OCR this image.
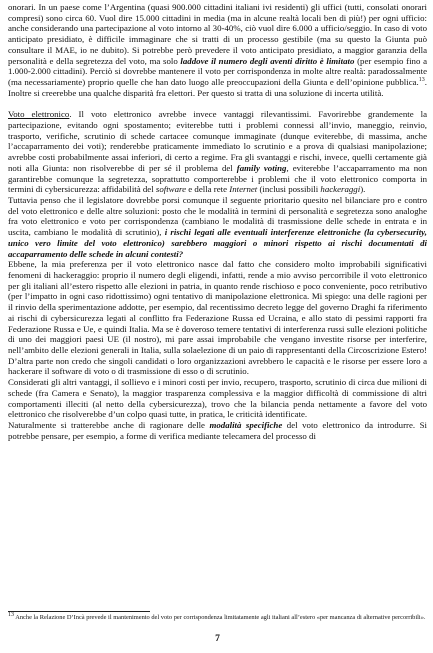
onorari. In un paese come l’Argentina (quasi 900.000 cittadini italiani ivi residenti) gli uffici (tutti, consolati onorari compresi) sono circa 60. Vuol dire 15.000 cittadini in media (ma in alcune realtà locali ben di più!) per ogni ufficio: anche considerando una partecipazione al voto intorno al 30-40%, ciò vuol dire 6.000 a ufficio/seggio. In caso di voto anticipato presidiato, è difficile immaginare che si tratti di un processo gestibile (ma su questo la Giunta può consultare il MAE, io ne dubito). Si potrebbe però prevedere il voto anticipato presidiato, a maggior garanzia della personalità e della segretezza del voto, ma solo laddove il numero degli aventi diritto è limitato (per esempio fino a 1.000-2.000 cittadini). Perciò si dovrebbe mantenere il voto per corrispondenza in molte altre realtà: paradossalmente (ma necessariamente) proprio quelle che han dato luogo alle preoccupazioni della Giunta e dell’opinione pubblica.$^{13}$. Inoltre si creerebbe una qualche disparità fra elettori. Per questo si tratta di una soluzione di incerta utilità.

Voto elettronico. Il voto elettronico avrebbe invece vantaggi rilevantissimi. Favorirebbe grandemente la partecipazione, evitando ogni spostamento; eviterebbe tutti i problemi connessi all’invio, maneggio, reinvio, trasporto, verifiche, scrutinio di schede cartacee comunque immaginate (dunque eviterebbe, di massima, anche l’accaparramento dei voti); renderebbe praticamente immediato lo scrutinio e a prova di qualsiasi manipolazione; avrebbe costi probabilmente assai inferiori, di certo a regime. Fra gli svantaggi e rischi, invece, quelli certamente già noti alla Giunta: non risolverebbe di per sé il problema del family voting, eviterebbe l’accaparramento ma non garantirebbe comunque la segretezza, soprattutto comporterebbe i problemi che il voto elettronico comporta in termini di cybersicurezza: affidabilità del software e della rete Internet (inclusi possibili hackeraggi).
Tuttavia penso che il legislatore dovrebbe porsi comunque il seguente prioritario quesito nel bilanciare pro e contro del voto elettronico e delle altre soluzioni: posto che le modalità in termini di personalità e segretezza sono analoghe fra voto elettronico e voto per corrispondenza (cambiano le modalità di trasmissione delle schede in entrata e in uscita, cambiano le modalità di scrutinio), i rischi legati alle eventuali interferenze elettroniche (la cybersecurity, unico vero limite del voto elettronico) sarebbero maggiori o minori rispetto ai rischi documentati di accaparramento delle schede in alcuni contesti?

Ebbene, la mia preferenza per il voto elettronico nasce dal fatto che considero molto improbabili significativi fenomeni di hackeraggio: proprio il numero degli eligendi, infatti, rende a mio avviso percorribile il voto elettronico per gli italiani all’estero rispetto alle elezioni in patria, in quanto rende rischioso e poco conveniente, poco retributivo (per l’impatto in ogni caso ridottissimo) ogni tentativo di manipolazione elettronica. Mi spiego: una delle ragioni per il rinvio della sperimentazione addotte, per esempio, dal recentissimo decreto legge del governo Draghi fa riferimento ai rischi di cybersicurezza legati al conflitto fra Federazione Russa ed Ucraina, e allo stato di pessimi rapporti fra Federazione Russa e Ue, e quindi Italia. Ma se è doveroso temere tentativi di interferenza russi sulle elezioni politiche di uno dei maggiori paesi UE (il nostro), mi pare assai improbabile che vengano investite risorse per interferire, nell’ambito delle elezioni generali in Italia, sulla solaelezione di un paio di rappresentanti della Circoscrizione Estero! D’altra parte non credo che singoli candidati o loro organizzazioni avrebbero le capacità e le risorse per essere loro a hackerare il software di voto o di trasmissione di esso o di scrutinio.

Considerati gli altri vantaggi, il sollievo e i minori costi per invio, recupero, trasporto, scrutinio di circa due milioni di schede (fra Camera e Senato), la maggior trasparenza complessiva e la maggior difficoltà di commissione di altri comportamenti illeciti (al netto della cybersicurezza), trovo che la bilancia penda nettamente a favore del voto elettronico che risolverebbe d’un colpo quasi tutte, in pratica, le criticità identificate.
Naturalmente si tratterebbe anche di ragionare delle modalità specifiche del voto elettronico da introdurre. Si potrebbe pensare, per esempio, a forme di verifica mediante telecamera del processo di

$^{13}$ Anche la Relazione D’Incà prevede il mantenimento del voto per corrispondenza limitatamente agli italiani all’estero «per mancanza di alternative percorribili».
7
